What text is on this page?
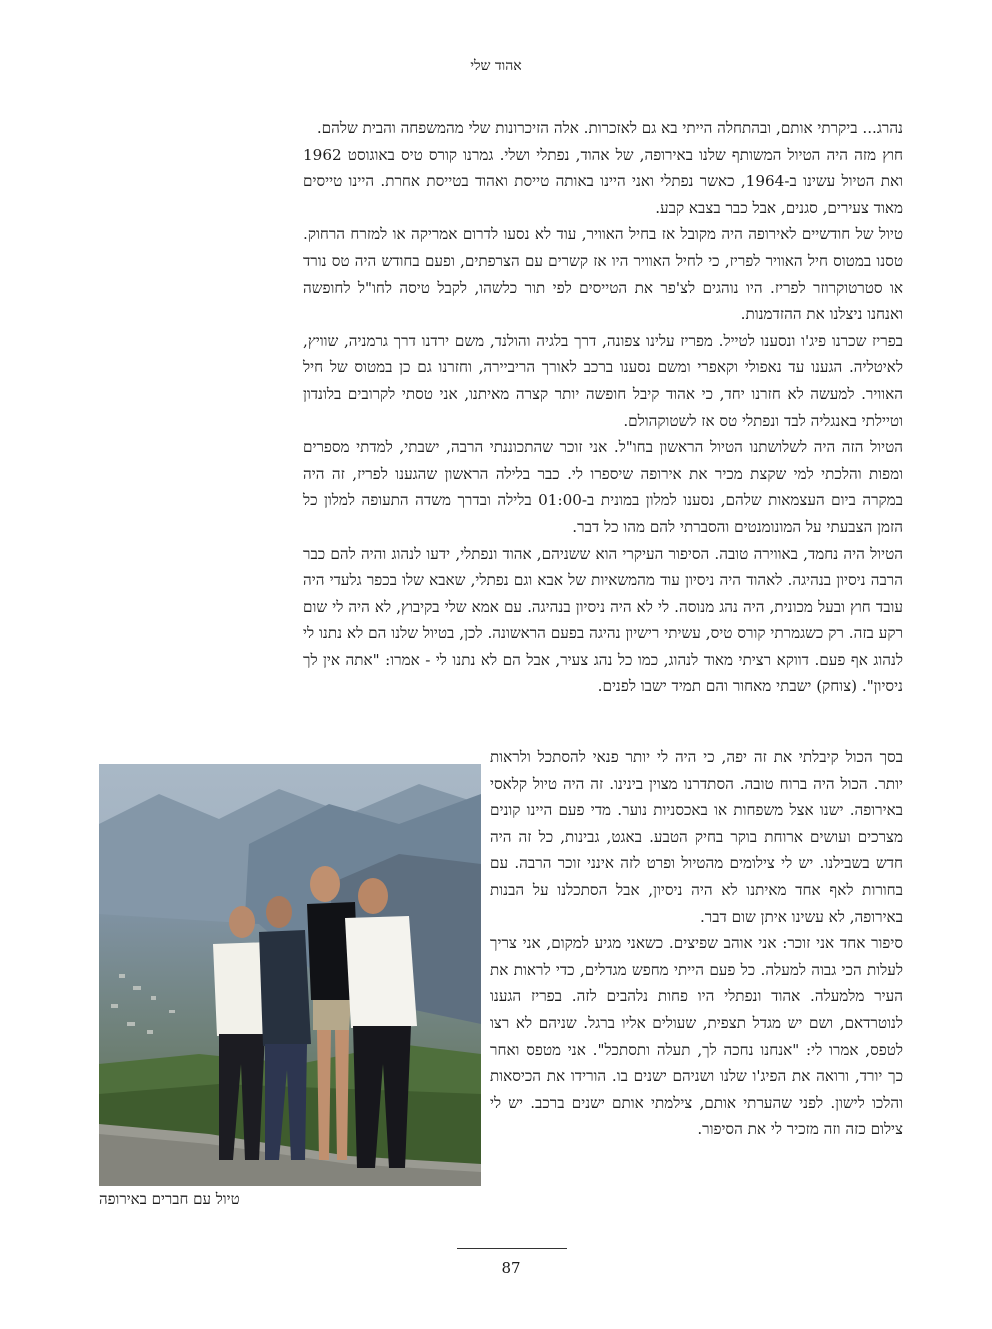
אהוד שלי

נהרג... ביקרתי אותם, ובהתחלה הייתי בא גם לאזכרות. אלה הזיכרונות שלי מהמשפחה והבית שלהם.

חוץ מזה היה הטיול המשותף שלנו באירופה, של אהוד, נפתלי ושלי. גמרנו קורס טיס באוגוסט 1962 ואת הטיול עשינו ב-1964, כאשר נפתלי ואני היינו באותה טייסת ואהוד בטייסת אחרת. היינו טייסים מאוד צעירים, סגנים, אבל כבר בצבא קבע.

טיול של חודשיים לאירופה היה מקובל אז בחיל האוויר, עוד לא נסעו לדרום אמריקה או למזרח הרחוק. טסנו במטוס חיל האוויר לפריז, כי לחיל האוויר היו אז קשרים עם הצרפתים, ופעם בחודש היה טס נורד או סטרטוקרוזר לפריז. היו נוהגים לצ'פר את הטייסים לפי תור כלשהו, לקבל טיסה לחו"ל לחופשה ואנחנו ניצלנו את ההזדמנות.

בפריז שכרנו פיג'ו ונסענו לטייל. מפריז עלינו צפונה, דרך בלגיה והולנד, משם ירדנו דרך גרמניה, שוויץ, לאיטליה. הגענו עד נאפולי וקאפרי ומשם נסענו ברכב לאורך הריביירה, וחזרנו גם כן במטוס של חיל האוויר. למעשה לא חזרנו יחד, כי אהוד קיבל חופשה יותר קצרה מאיתנו, אני טסתי לקרובים בלונדון וטיילתי באנגליה לבד ונפתלי טס אז לשטוקהולם.

הטיול הזה היה לשלושתנו הטיול הראשון בחו"ל. אני זוכר שהתכוננתי הרבה, ישבתי, למדתי מספרים ומפות והלכתי למי שקצת מכיר את אירופה שיספרו לי. כבר בלילה הראשון שהגענו לפריז, זה היה במקרה ביום העצמאות שלהם, נסענו למלון במונית ב-01:00 בלילה ובדרך משדה התעופה למלון כל הזמן הצבעתי על המונומנטים והסברתי להם מהו כל דבר.

הטיול היה נחמד, באווירה טובה. הסיפור העיקרי הוא ששניהם, אהוד ונפתלי, ידעו לנהוג והיה להם כבר הרבה ניסיון בנהיגה. לאהוד היה ניסיון עוד מהמשאיות של אבא וגם נפתלי, שאבא שלו בכפר גלעדי היה עובד חוץ ובעל מכונית, היה נהג מנוסה. לי לא היה ניסיון בנהיגה. עם אמא שלי בקיבוץ, לא היה לי שום רקע בזה. רק כשגמרתי קורס טיס, עשיתי רישיון נהיגה בפעם הראשונה. לכן, בטיול שלנו הם לא נתנו לי לנהוג אף פעם. דווקא רציתי מאוד לנהוג, כמו כל נהג צעיר, אבל הם לא נתנו לי - אמרו: "אתה אין לך ניסיון". (צוחק) ישבתי מאחור והם תמיד ישבו לפנים.

בסך הכול קיבלתי את זה יפה, כי היה לי יותר פנאי להסתכל ולראות יותר. הכול היה ברוח טובה. הסתדרנו מצוין בינינו. זה היה טיול קלאסי באירופה. ישנו אצל משפחות או באכסניות נוער. מדי פעם היינו קונים מצרכים ועושים ארוחת בוקר בחיק הטבע. באגט, גבינות, כל זה היה חדש בשבילנו. יש לי צילומים מהטיול ופרט לזה אינני זוכר הרבה. עם בחורות לאף אחד מאיתנו לא היה ניסיון, אבל הסתכלנו על הבנות באירופה, לא עשינו איתן שום דבר.

סיפור אחד אני זוכר: אני אוהב שפיצים. כשאני מגיע למקום, אני צריך לעלות הכי גבוה למעלה. כל פעם הייתי מחפש מגדלים, כדי לראות את העיר מלמעלה. אהוד ונפתלי היו פחות נלהבים לזה. בפריז הגענו לנוטרדאם, ושם יש מגדל תצפית, שעולים אליו ברגל. שניהם לא רצו לטפס, אמרו לי: "אנחנו נחכה לך, תעלה ותסתכל". אני מטפס ואחר כך יורד, ורואה את הפיג'ו שלנו ושניהם ישנים בו. הורידו את הכיסאות והלכו לישון. לפני שהערתי אותם, צילמתי אותם ישנים ברכב. יש לי צילום כזה וזה מזכיר לי את הסיפור.

טיול עם חברים באירופה
87
